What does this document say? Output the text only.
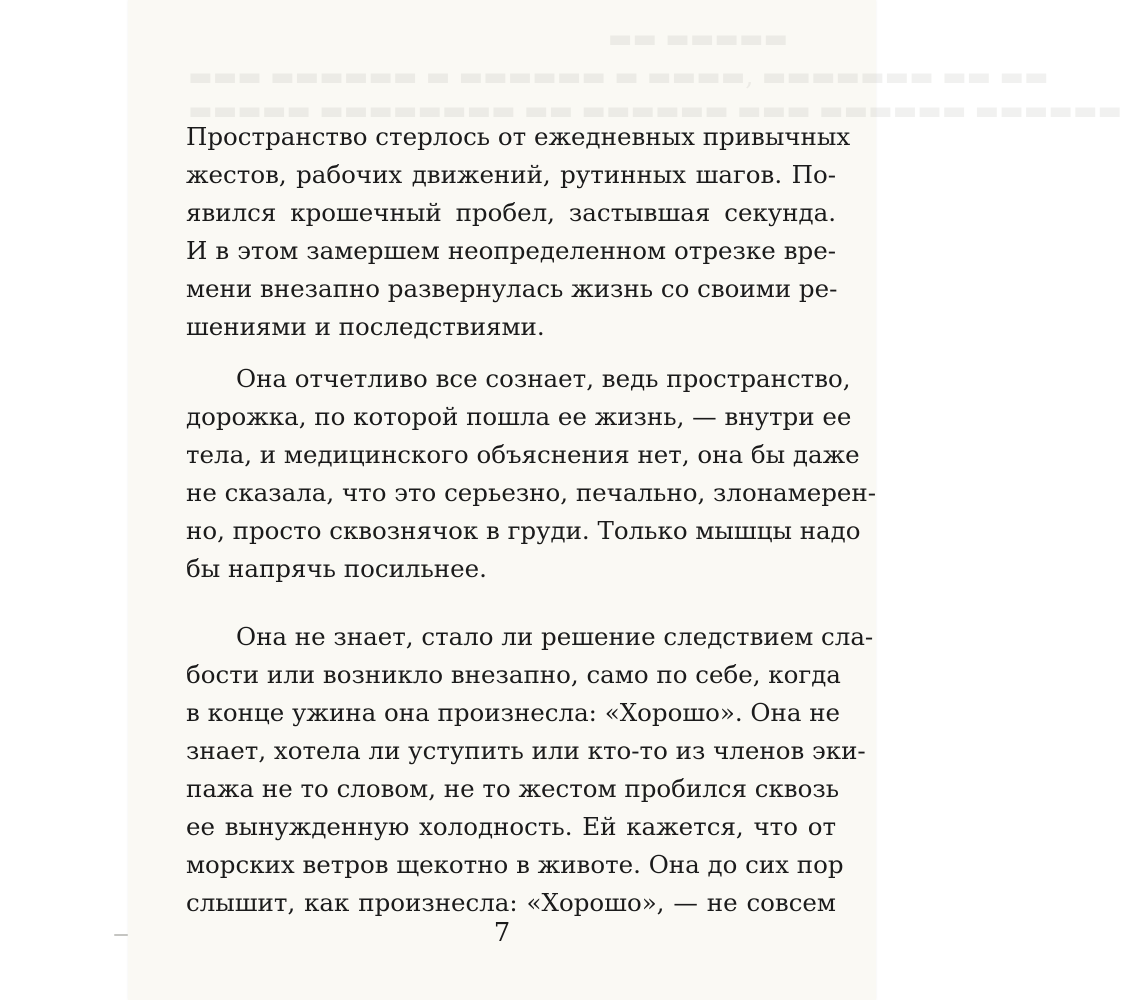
▬▬ ▬▬▬▬▬
▬▬▬ ▬▬▬▬▬▬ ▬ ▬▬▬▬▬▬ ▬ ▬▬▬▬, ▬▬▬▬▬▬▬ ▬▬ ▬▬
▬▬▬▬▬ ▬▬▬▬▬▬▬▬ ▬▬ ▬▬▬▬▬▬ ▬▬▬ ▬▬▬▬▬▬ ▬▬▬▬▬▬
Пространство стерлось от ежедневных привычных
жестов, рабочих движений, рутинных шагов. По-
явился крошечный пробел, застывшая секунда.
И в этом замершем неопределенном отрезке вре-
мени внезапно развернулась жизнь со своими ре-
шениями и последствиями.
Она отчетливо все сознает, ведь пространство,
дорожка, по которой пошла ее жизнь, — внутри ее
тела, и медицинского объяснения нет, она бы даже
не сказала, что это серьезно, печально, злонамерен-
но, просто сквознячок в груди. Только мышцы надо
бы напрячь посильнее.
Она не знает, стало ли решение следствием сла-
бости или возникло внезапно, само по себе, когда
в конце ужина она произнесла: «Хорошо». Она не
знает, хотела ли уступить или кто-то из членов эки-
пажа не то словом, не то жестом пробился сквозь
ее вынужденную холодность. Ей кажется, что от
морских ветров щекотно в животе. Она до сих пор
слышит, как произнесла: «Хорошо», — не совсем
7
